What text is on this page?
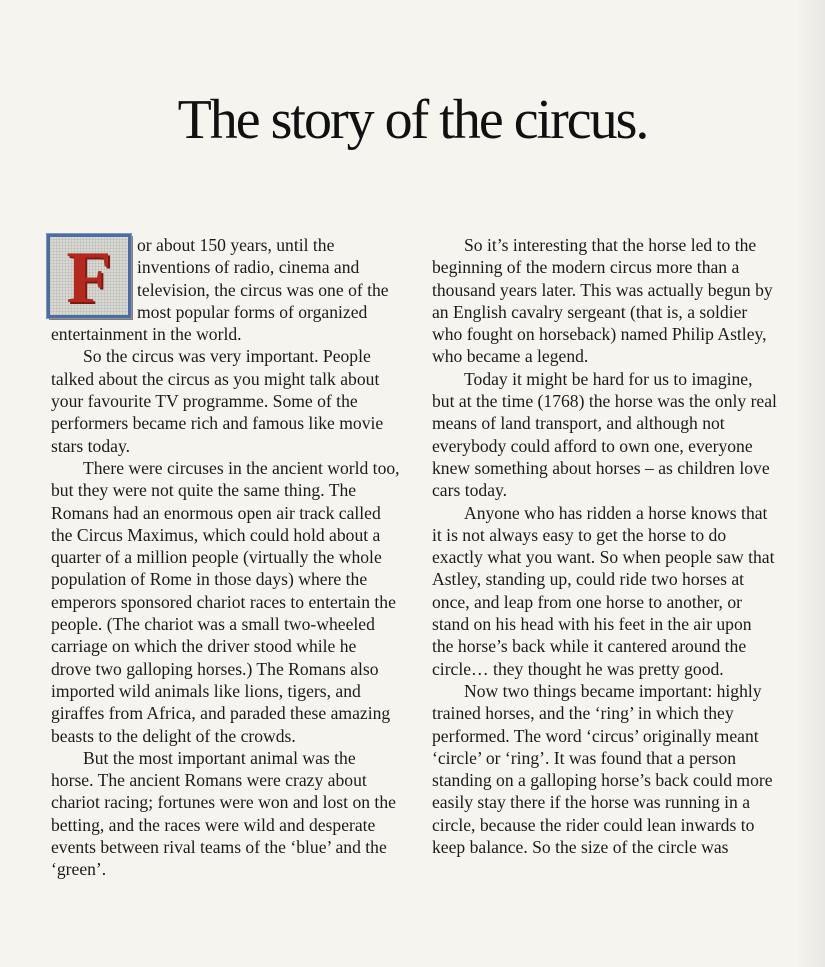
The story of the circus.

F or about 150 years, until the inventions of radio, cinema and television, the circus was one of the most popular forms of organized entertainment in the world.

So the circus was very important. People talked about the circus as you might talk about your favourite TV programme. Some of the performers became rich and famous like movie stars today.

There were circuses in the ancient world too, but they were not quite the same thing. The Romans had an enormous open air track called the Circus Maximus, which could hold about a quarter of a million people (virtually the whole population of Rome in those days) where the emperors sponsored chariot races to entertain the people. (The chariot was a small two-wheeled carriage on which the driver stood while he drove two galloping horses.) The Romans also imported wild animals like lions, tigers, and giraffes from Africa, and paraded these amazing beasts to the delight of the crowds.

But the most important animal was the horse. The ancient Romans were crazy about chariot racing; fortunes were won and lost on the betting, and the races were wild and desperate events between rival teams of the ‘blue’ and the ‘green’.

So it’s interesting that the horse led to the beginning of the modern circus more than a thousand years later. This was actually begun by an English cavalry sergeant (that is, a soldier who fought on horseback) named Philip Astley, who became a legend.

Today it might be hard for us to imagine, but at the time (1768) the horse was the only real means of land transport, and although not everybody could afford to own one, everyone knew something about horses – as children love cars today.

Anyone who has ridden a horse knows that it is not always easy to get the horse to do exactly what you want. So when people saw that Astley, standing up, could ride two horses at once, and leap from one horse to another, or stand on his head with his feet in the air upon the horse’s back while it cantered around the circle… they thought he was pretty good.

Now two things became important: highly trained horses, and the ‘ring’ in which they performed. The word ‘circus’ originally meant ‘circle’ or ‘ring’. It was found that a person standing on a galloping horse’s back could more easily stay there if the horse was running in a circle, because the rider could lean inwards to keep balance. So the size of the circle was
